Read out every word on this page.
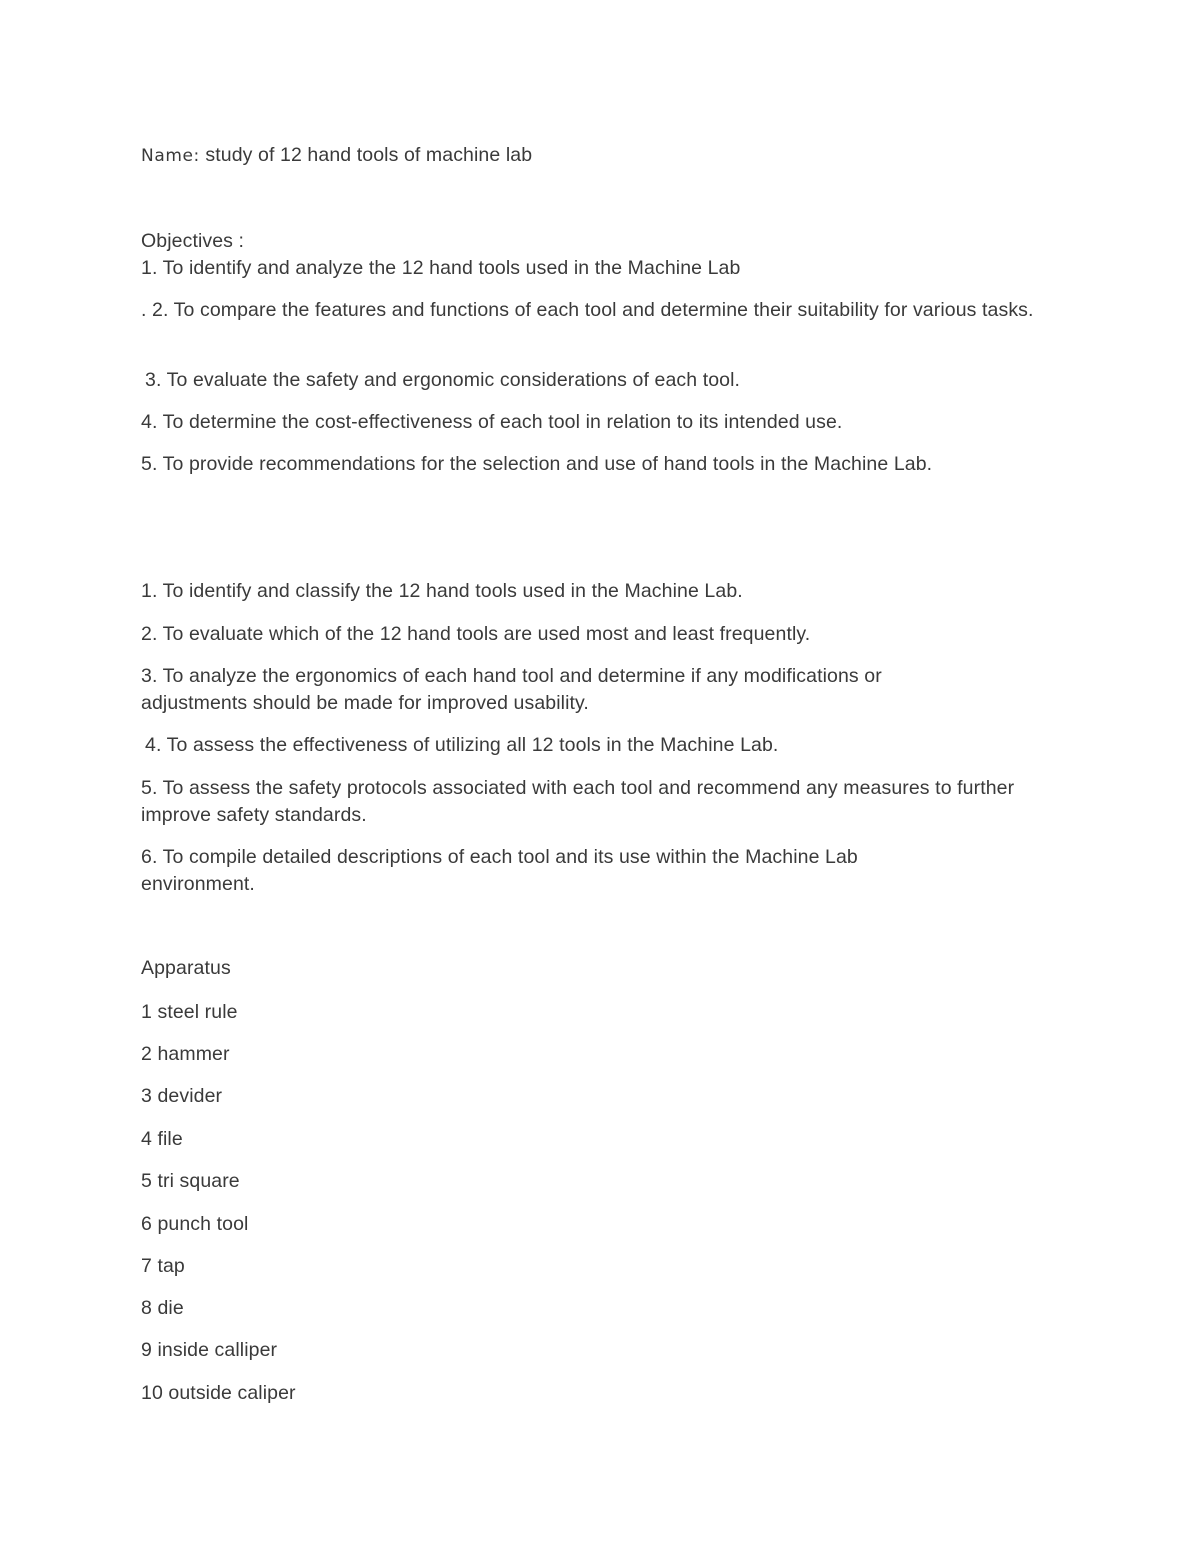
Name: study of 12 hand tools of machine lab
Objectives :
1. To identify and analyze the 12 hand tools used in the Machine Lab
. 2. To compare the features and functions of each tool and determine their suitability for various tasks.
3. To evaluate the safety and ergonomic considerations of each tool.
4. To determine the cost-effectiveness of each tool in relation to its intended use.
5. To provide recommendations for the selection and use of hand tools in the Machine Lab.
1. To identify and classify the 12 hand tools used in the Machine Lab.
2. To evaluate which of the 12 hand tools are used most and least frequently.
3. To analyze the ergonomics of each hand tool and determine if any modifications or adjustments should be made for improved usability.
4. To assess the effectiveness of utilizing all 12 tools in the Machine Lab.
5. To assess the safety protocols associated with each tool and recommend any measures to further improve safety standards.
6. To compile detailed descriptions of each tool and its use within the Machine Lab environment.
Apparatus
1 steel rule
2 hammer
3 devider
4 file
5 tri square
6 punch tool
7 tap
8 die
9 inside calliper
10 outside caliper
